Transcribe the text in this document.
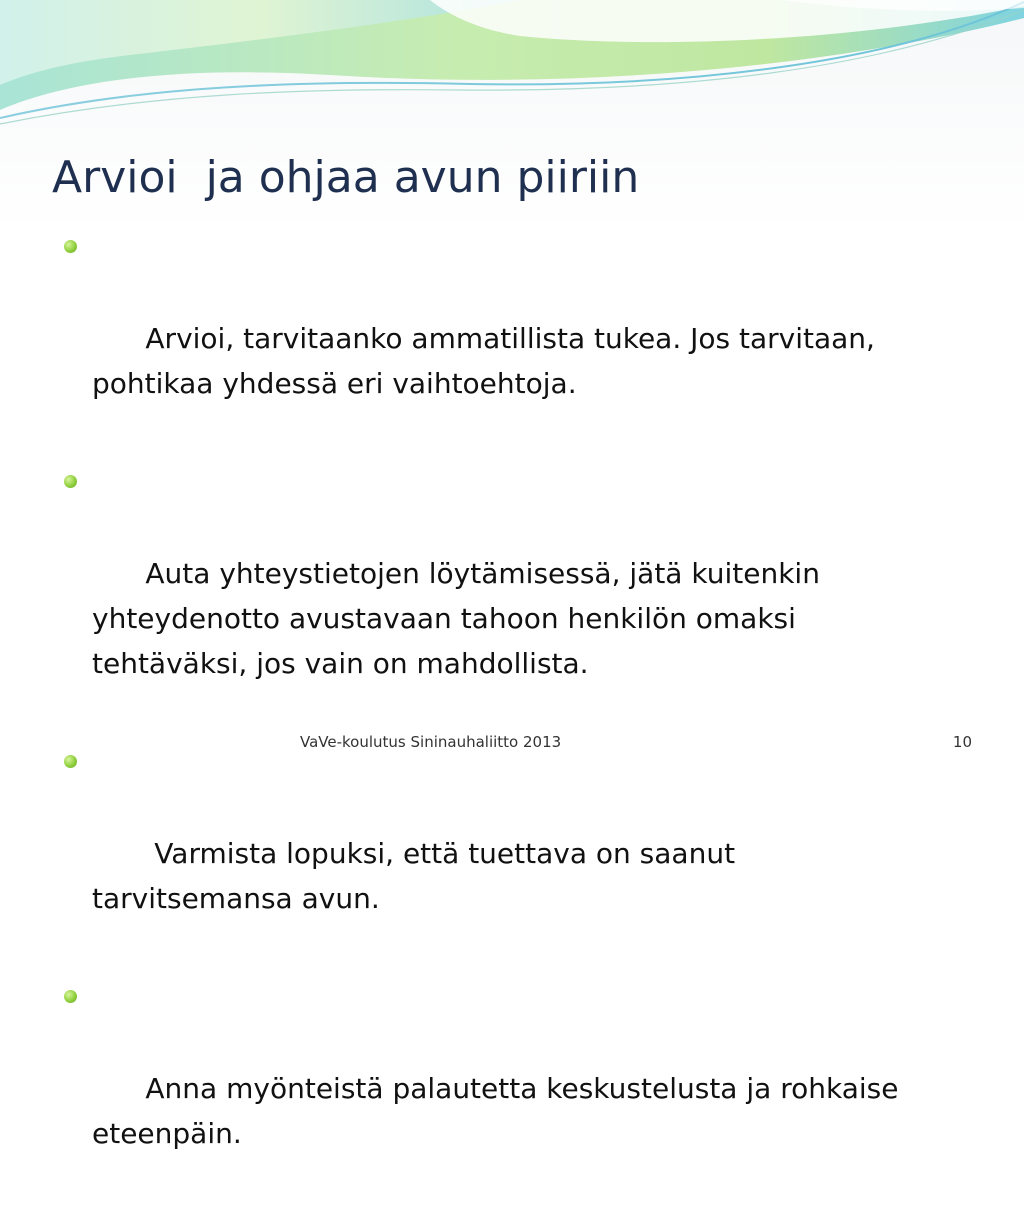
Arvioi  ja ohjaa avun piiriin

Arvioi, tarvitaanko ammatillista tukea. Jos tarvitaan,
pohtikaa yhdessä eri vaihtoehtoja.

Auta yhteystietojen löytämisessä, jätä kuitenkin
yhteydenotto avustavaan tahoon henkilön omaksi
tehtäväksi, jos vain on mahdollista.

Varmista lopuksi, että tuettava on saanut
tarvitsemansa avun.

Anna myönteistä palautetta keskustelusta ja rohkaise
eteenpäin.

VaVe-koulutus Sininauhaliitto 2013	10
